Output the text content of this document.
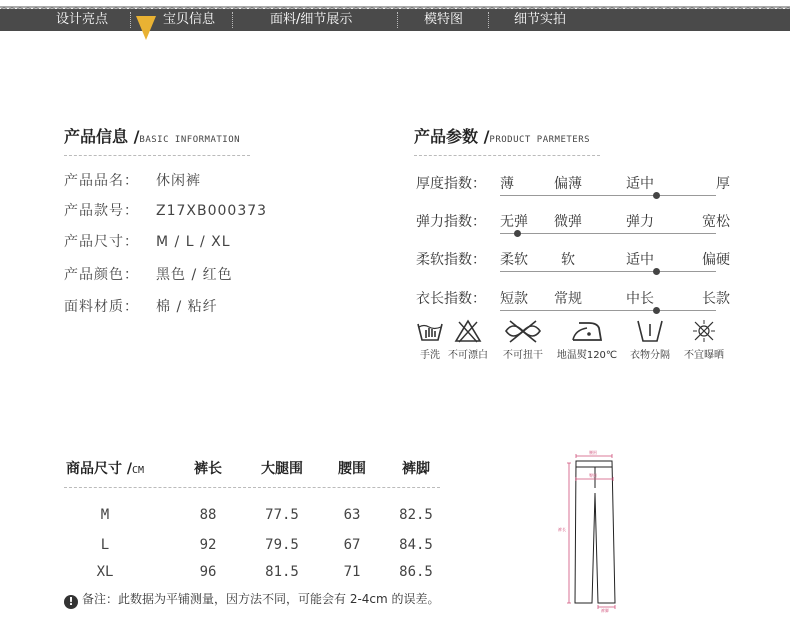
设计亮点	宝贝信息	面料/细节展示	模特图	细节实拍
产品信息 /BASIC INFORMATION
产品品名： 休闲裤
产品款号： Z17XB000373
产品尺寸： M / L / XL
产品颜色： 黑色 / 红色
面料材质： 棉 / 粘纤
产品参数 /PRODUCT PARMETERS
厚度指数： 薄	偏薄	适中	厚
弹力指数： 无弹	微弹	弹力	宽松
柔软指数： 柔软	软	适中	偏硬
衣长指数： 短款	常规	中长	长款
手洗 不可漂白	不可扭干	地温熨120℃	衣物分隔	不宜曝晒
商品尺寸 /CM	裤长	大腿围	腰围	裤脚
M	88	77.5	63	82.5
L	92	79.5	67	84.5
XL	96	81.5	71	86.5
! 备注：此数据为平铺测量，因方法不同，可能会有 2-4cm 的误差。
腰围
臀围
裤长
裤脚
